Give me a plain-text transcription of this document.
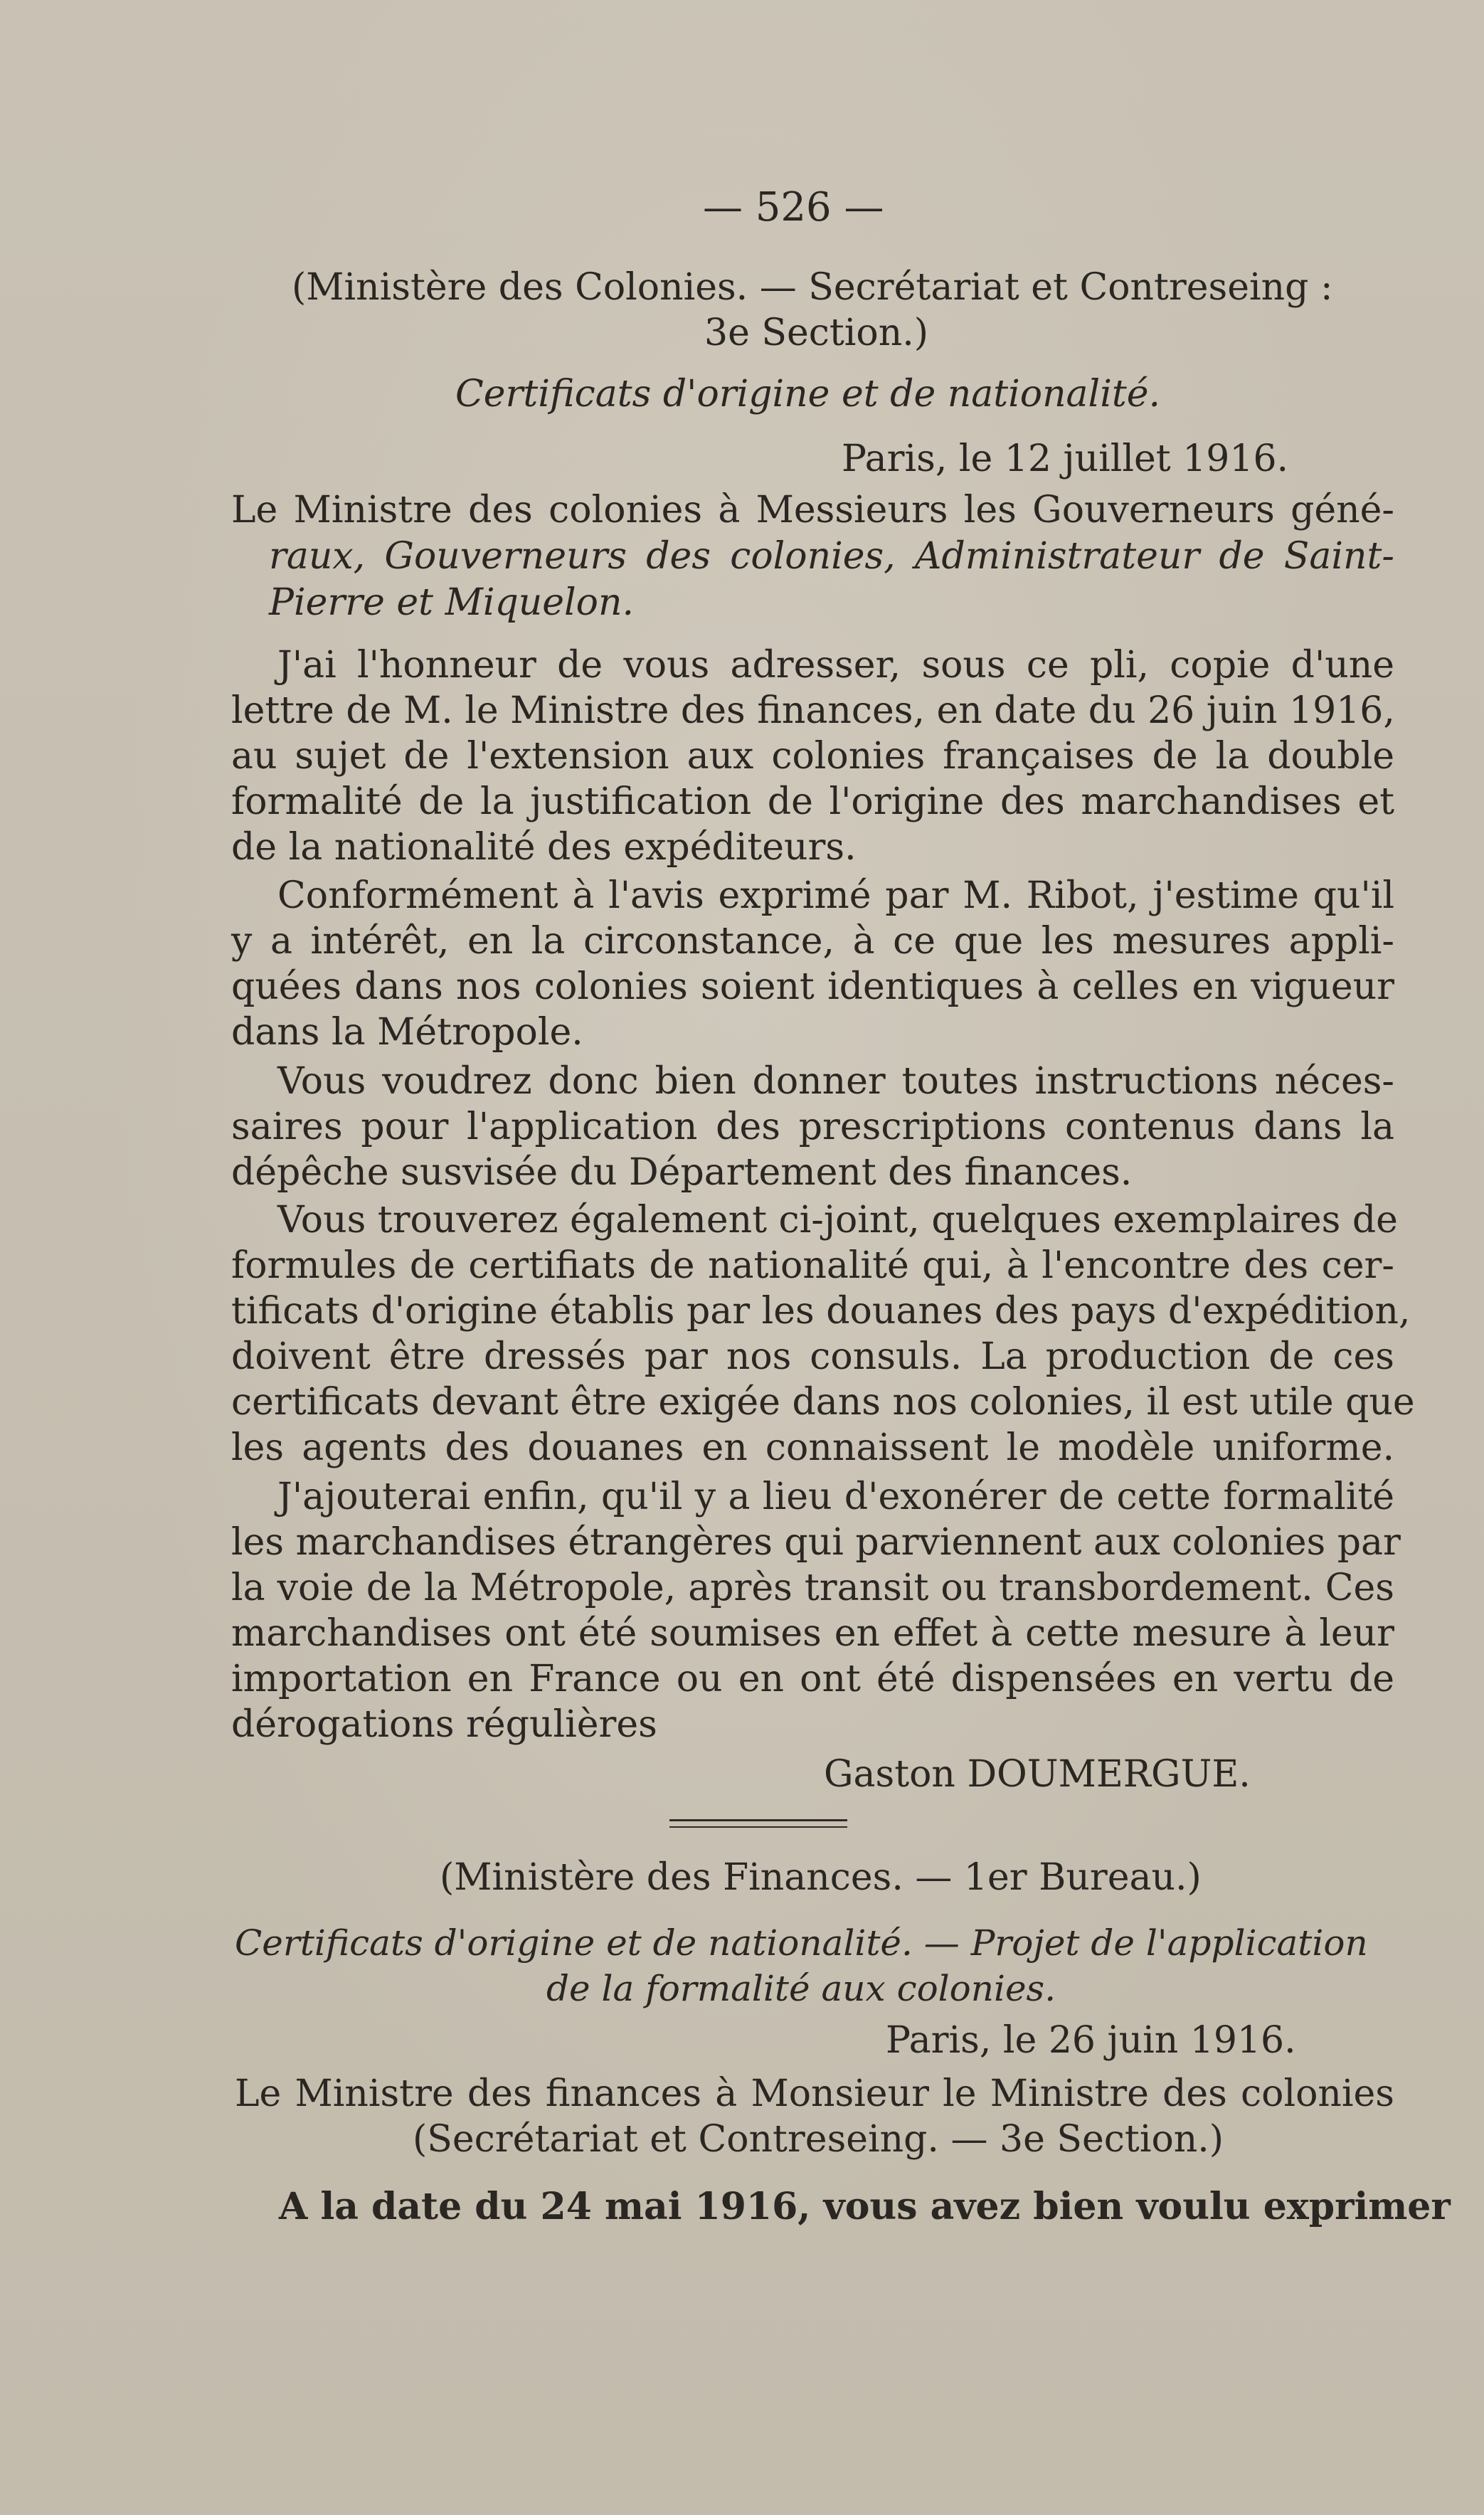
— 526 —
(Ministère des Colonies. — Secrétariat et Contreseing :
3e Section.)
Certificats d'origine et de nationalité.
Paris, le 12 juillet 1916.
Le Ministre des colonies à Messieurs les Gouverneurs géné-
raux, Gouverneurs des colonies, Administrateur de Saint-
Pierre et Miquelon.
J'ai l'honneur de vous adresser, sous ce pli, copie d'une
lettre de M. le Ministre des finances, en date du 26 juin 1916,
au sujet de l'extension aux colonies françaises de la double
formalité de la justification de l'origine des marchandises et
de la nationalité des expéditeurs.
Conformément à l'avis exprimé par M. Ribot, j'estime qu'il
y a intérêt, en la circonstance, à ce que les mesures appli-
quées dans nos colonies soient identiques à celles en vigueur
dans la Métropole.
Vous voudrez donc bien donner toutes instructions néces-
saires pour l'application des prescriptions contenus dans la
dépêche susvisée du Département des finances.
Vous trouverez également ci-joint, quelques exemplaires de
formules de certifiats de nationalité qui, à l'encontre des cer-
tificats d'origine établis par les douanes des pays d'expédition,
doivent être dressés par nos consuls. La production de ces
certificats devant être exigée dans nos colonies, il est utile que
les agents des douanes en connaissent le modèle uniforme.
J'ajouterai enfin, qu'il y a lieu d'exonérer de cette formalité
les marchandises étrangères qui parviennent aux colonies par
la voie de la Métropole, après transit ou transbordement. Ces
marchandises ont été soumises en effet à cette mesure à leur
importation en France ou en ont été dispensées en vertu de
dérogations régulières
Gaston DOUMERGUE.
(Ministère des Finances. — 1er Bureau.)
Certificats d'origine et de nationalité. — Projet de l'application
de la formalité aux colonies.
Paris, le 26 juin 1916.
Le Ministre des finances à Monsieur le Ministre des colonies
(Secrétariat et Contreseing. — 3e Section.)
A la date du 24 mai 1916, vous avez bien voulu exprimer
